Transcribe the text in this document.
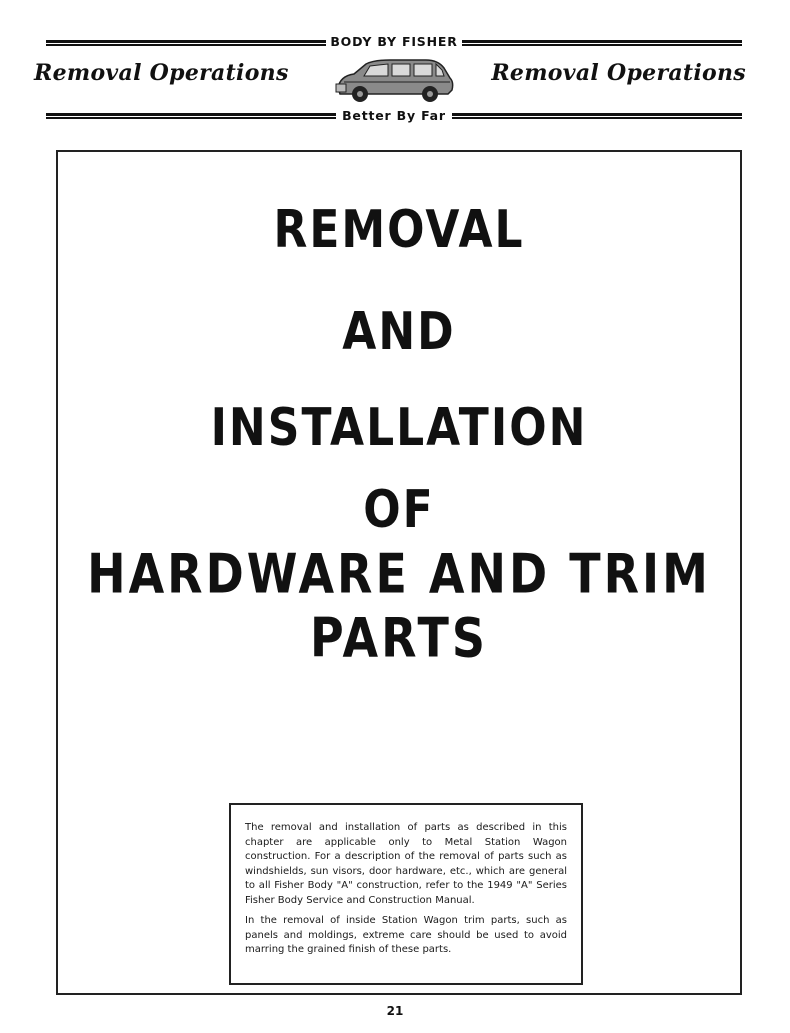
BODY BY FISHER
Removal Operations	Removal Operations
Better By Far
REMOVAL
AND
INSTALLATION
OF
HARDWARE AND TRIM PARTS

The removal and installation of parts as described in this chapter are applicable only to Metal Station Wagon construction. For a description of the removal of parts such as windshields, sun visors, door hardware, etc., which are general to all Fisher Body "A" construction, refer to the 1949 "A" Series Fisher Body Service and Construction Manual.

In the removal of inside Station Wagon trim parts, such as panels and moldings, extreme care should be used to avoid marring the grained finish of these parts.

21
